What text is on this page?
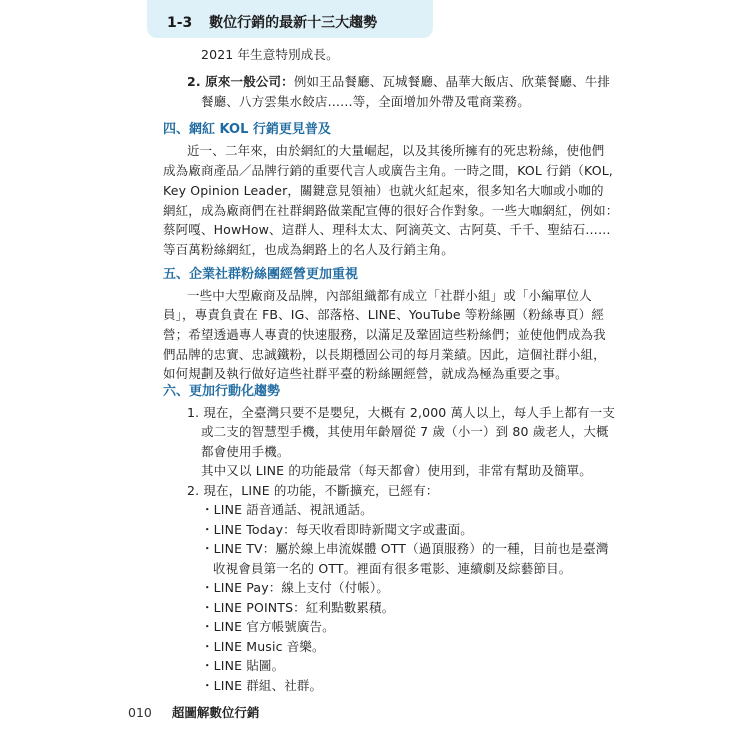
1-3 數位行銷的最新十三大趨勢
2021 年生意特別成長。
2. 原來一般公司：例如王品餐廳、瓦城餐廳、晶華大飯店、欣葉餐廳、牛排
餐廳、八方雲集水餃店……等，全面增加外帶及電商業務。
四、網紅 KOL 行銷更見普及
近一、二年來，由於網紅的大量崛起，以及其後所擁有的死忠粉絲，使他們
成為廠商產品／品牌行銷的重要代言人或廣告主角。一時之間，KOL 行銷（KOL,
Key Opinion Leader，關鍵意見領袖）也就火紅起來，很多知名大咖或小咖的
網紅，成為廠商們在社群網路做業配宣傳的很好合作對象。一些大咖網紅，例如：
蔡阿嘎、HowHow、這群人、理科太太、阿滴英文、古阿莫、千千、聖結石……
等百萬粉絲網紅，也成為網路上的名人及行銷主角。
五、企業社群粉絲團經營更加重視
一些中大型廠商及品牌，內部組織都有成立「社群小組」或「小編單位人
員」，專責負責在 FB、IG、部落格、LINE、YouTube 等粉絲團（粉絲專頁）經
營；希望透過專人專責的快速服務，以滿足及鞏固這些粉絲們；並使他們成為我
們品牌的忠實、忠誠鐵粉，以長期穩固公司的每月業績。因此，這個社群小組，
如何規劃及執行做好這些社群平臺的粉絲團經營，就成為極為重要之事。
六、更加行動化趨勢
1. 現在，全臺灣只要不是嬰兒，大概有 2,000 萬人以上，每人手上都有一支
或二支的智慧型手機，其使用年齡層從 7 歲（小一）到 80 歲老人，大概
都會使用手機。
其中又以 LINE 的功能最常（每天都會）使用到，非常有幫助及簡單。
2. 現在，LINE 的功能，不斷擴充，已經有：
・LINE 語音通話、視訊通話。
・LINE Today：每天收看即時新聞文字或畫面。
・LINE TV：屬於線上串流媒體 OTT（過頂服務）的一種，目前也是臺灣
收視會員第一名的 OTT。裡面有很多電影、連續劇及綜藝節目。
・LINE Pay：線上支付（付帳）。
・LINE POINTS：紅利點數累積。
・LINE 官方帳號廣告。
・LINE Music 音樂。
・LINE 貼圖。
・LINE 群組、社群。
010 超圖解數位行銷
